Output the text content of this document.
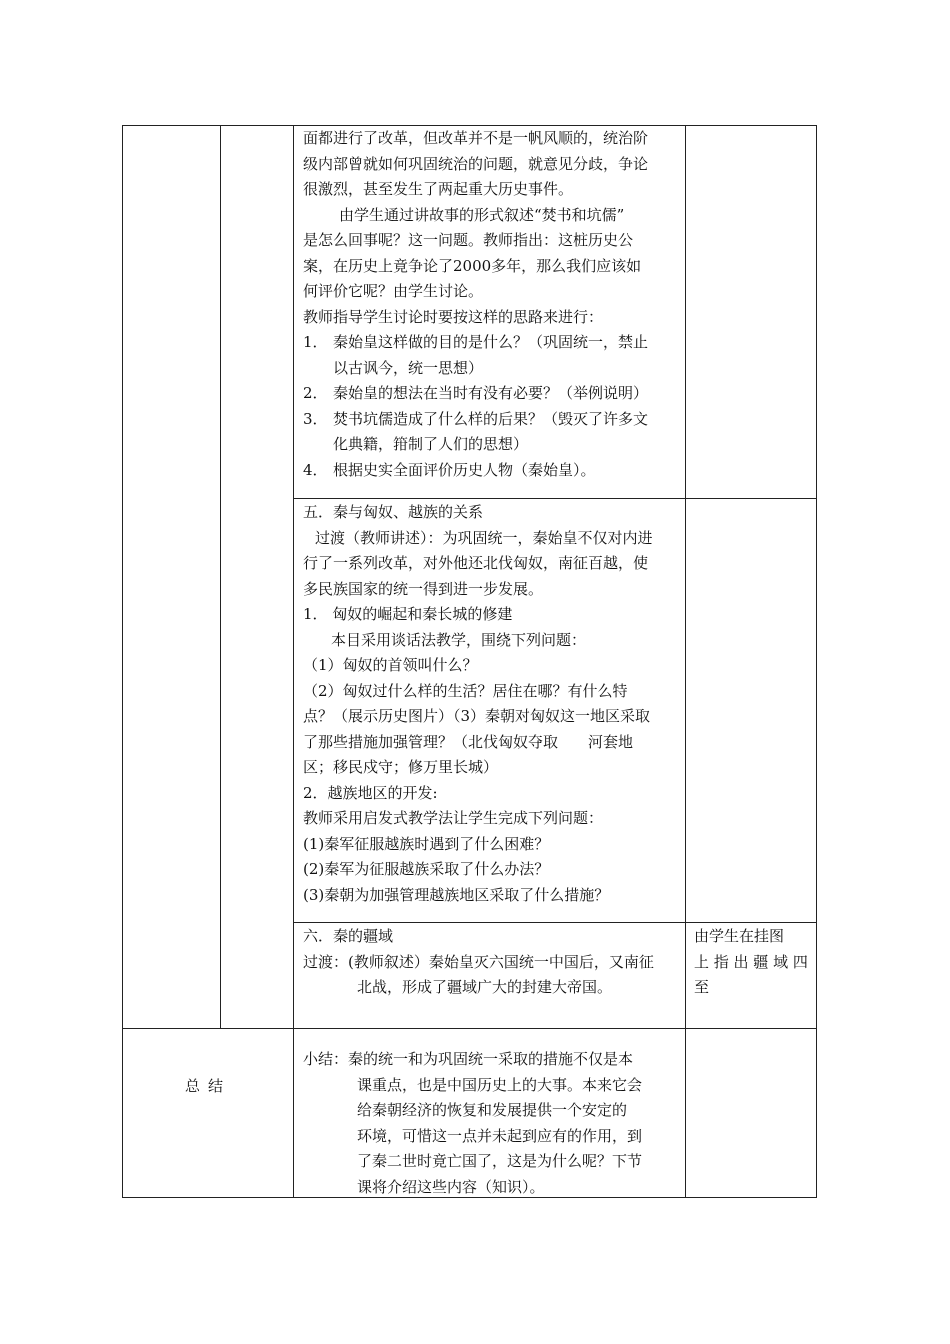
面都进行了改革，但改革并不是一帆风顺的，统治阶

级内部曾就如何巩固统治的问题，就意见分歧，争论

很激烈，甚至发生了两起重大历史事件。

由学生通过讲故事的形式叙述“焚书和坑儒”

是怎么回事呢？这一问题。教师指出：这桩历史公

案，在历史上竟争论了2000多年，那么我们应该如

何评价它呢？由学生讨论。

教师指导学生讨论时要按这样的思路来进行：

1． 秦始皇这样做的目的是什么？（巩固统一，禁止

以古讽今，统一思想）

2． 秦始皇的想法在当时有没有必要？（举例说明）

3． 焚书坑儒造成了什么样的后果？（毁灭了许多文

化典籍，箝制了人们的思想）

4． 根据史实全面评价历史人物（秦始皇）。

五．秦与匈奴、越族的关系

过渡（教师讲述）：为巩固统一，秦始皇不仅对内进

行了一系列改革，对外他还北伐匈奴，南征百越，使

多民族国家的统一得到进一步发展。

1． 匈奴的崛起和秦长城的修建

本目采用谈话法教学，围绕下列问题：

（1）匈奴的首领叫什么？

（2）匈奴过什么样的生活？居住在哪？有什么特

点？（展示历史图片）（3）秦朝对匈奴这一地区采取

了那些措施加强管理？（北伐匈奴夺取　　河套地

区；移民戍守；修万里长城）

2．越族地区的开发:

教师采用启发式教学法让学生完成下列问题：

(1)秦军征服越族时遇到了什么困难？

(2)秦军为征服越族采取了什么办法？

(3)秦朝为加强管理越族地区采取了什么措施？

六．秦的疆域

过渡：(教师叙述）秦始皇灭六国统一中国后，又南征

北战，形成了疆域广大的封建大帝国。

由学生在挂图

上 指 出 疆 域 四

至

总结

小结：秦的统一和为巩固统一采取的措施不仅是本

课重点，也是中国历史上的大事。本来它会

给秦朝经济的恢复和发展提供一个安定的

环境，可惜这一点并未起到应有的作用，到

了秦二世时竟亡国了，这是为什么呢？下节

课将介绍这些内容（知识）。
